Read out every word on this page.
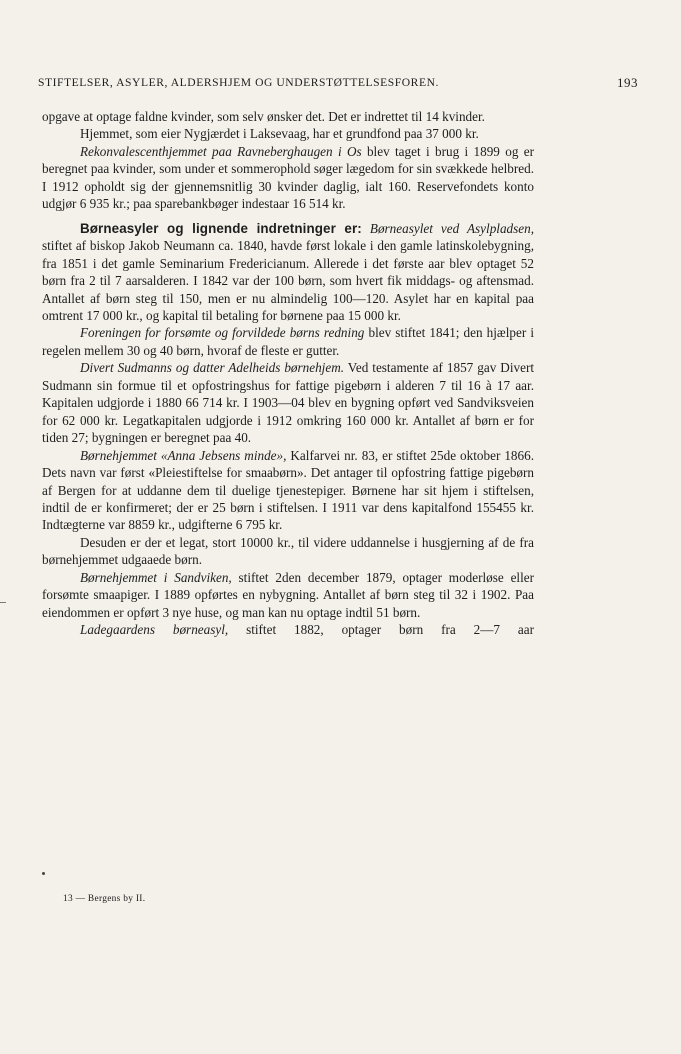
STIFTELSER, ASYLER, ALDERSHJEM OG UNDERSTØTTELSESFOREN.	193

opgave at optage faldne kvinder, som selv ønsker det. Det er indrettet til 14 kvinder.

Hjemmet, som eier Nygjærdet i Laksevaag, har et grundfond paa 37 000 kr.

Rekonvalescenthjemmet paa Ravneberghaugen i Os blev taget i brug i 1899 og er beregnet paa kvinder, som under et sommerophold søger lægedom for sin svækkede helbred. I 1912 opholdt sig der gjennemsnitlig 30 kvinder daglig, ialt 160. Reservefondets konto udgjør 6 935 kr.; paa sparebankbøger indestaar 16 514 kr.

Børneasyler og lignende indretninger er: Børneasylet ved Asylpladsen, stiftet af biskop Jakob Neumann ca. 1840, havde først lokale i den gamle latinskolebygning, fra 1851 i det gamle Seminarium Fredericianum. Allerede i det første aar blev optaget 52 børn fra 2 til 7 aarsalderen. I 1842 var der 100 børn, som hvert fik middags- og aftensmad. Antallet af børn steg til 150, men er nu almindelig 100—120. Asylet har en kapital paa omtrent 17 000 kr., og kapital til betaling for børnene paa 15 000 kr.

Foreningen for forsømte og forvildede børns redning blev stiftet 1841; den hjælper i regelen mellem 30 og 40 børn, hvoraf de fleste er gutter.

Divert Sudmanns og datter Adelheids børnehjem. Ved testamente af 1857 gav Divert Sudmann sin formue til et opfostringshus for fattige pigebørn i alderen 7 til 16 à 17 aar. Kapitalen udgjorde i 1880 66 714 kr. I 1903—04 blev en bygning opført ved Sandviksveien for 62 000 kr. Legatkapitalen udgjorde i 1912 omkring 160 000 kr. Antallet af børn er for tiden 27; bygningen er beregnet paa 40.

Børnehjemmet «Anna Jebsens minde», Kalfarvei nr. 83, er stiftet 25de oktober 1866. Dets navn var først «Pleiestiftelse for smaabørn». Det antager til opfostring fattige pigebørn af Bergen for at uddanne dem til duelige tjenestepiger. Børnene har sit hjem i stiftelsen, indtil de er konfirmeret; der er 25 børn i stiftelsen. I 1911 var dens kapitalfond 155455 kr. Indtægterne var 8859 kr., udgifterne 6 795 kr.

Desuden er der et legat, stort 10000 kr., til videre uddannelse i husgjerning af de fra børnehjemmet udgaaede børn.

Børnehjemmet i Sandviken, stiftet 2den december 1879, optager moderløse eller forsømte smaapiger. I 1889 opførtes en nybygning. Antallet af børn steg til 32 i 1902. Paa eiendommen er opført 3 nye huse, og man kan nu optage indtil 51 børn.

Ladegaardens børneasyl, stiftet 1882, optager børn fra 2—7 aar

13 — Bergens by II.
